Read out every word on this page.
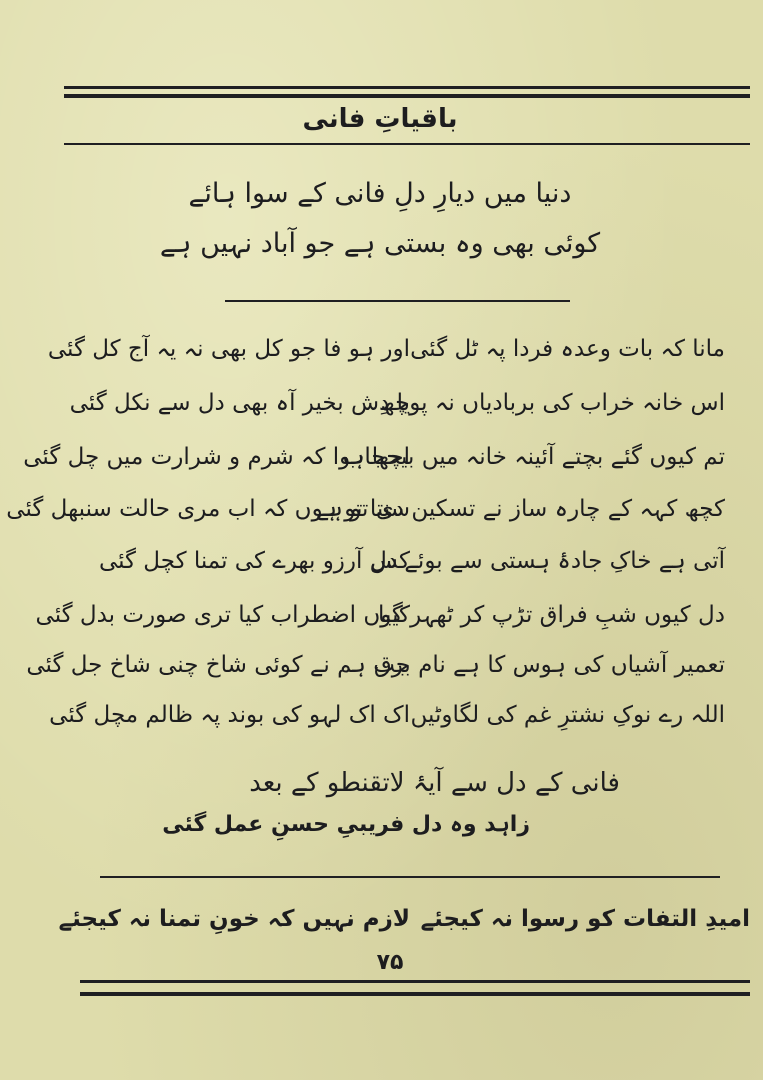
باقیاتِ فانی
دنیا میں دیارِ دلِ فانی کے سوا ہائے
کوئی بھی وہ بستی ہے جو آباد نہیں ہے
مانا کہ بات وعدہ فردا پہ ٹل گئی
اور ہو فا جو کل بھی نہ یہ آج کل گئی
اس خانہ خراب کی بربادیاں نہ پوچھ
یا دِش بخیر آہ بھی دل سے نکل گئی
تم کیوں گئے بچتے آئینہ خانہ میں بیحجاب
اچھا ہوا کہ شرم و شرارت میں چل گئی
کچھ کہہ کے چارہ ساز نے تسکین دی تو ہے
سنتا تو ہوں کہ اب مری حالت سنبھل گئی
آتی ہے خاکِ جادۂ ہستی سے بوئے دل
کس آرزو بھرے کی تمنا کچل گئی
دل کیوں شبِ فراق تڑپ کر ٹھہر گیا
کیوں اضطراب کیا تری صورت بدل گئی
تعمیر آشیاں کی ہوس کا ہے نام برق
جب ہم نے کوئی شاخ چنی شاخ جل گئی
اللہ رے نوکِ نشترِ غم کی لگاوٹیں
اک اک لہو کی بوند پہ ظالم مچل گئی
فانی کے دل سے آیۂ لاتقنطو کے بعد
زاہد وہ دل فریبیِ حسنِ عمل گئی
امیدِ التفات کو رسوا نہ کیجئے
لازم نہیں کہ خونِ تمنا نہ کیجئے
۷۵
